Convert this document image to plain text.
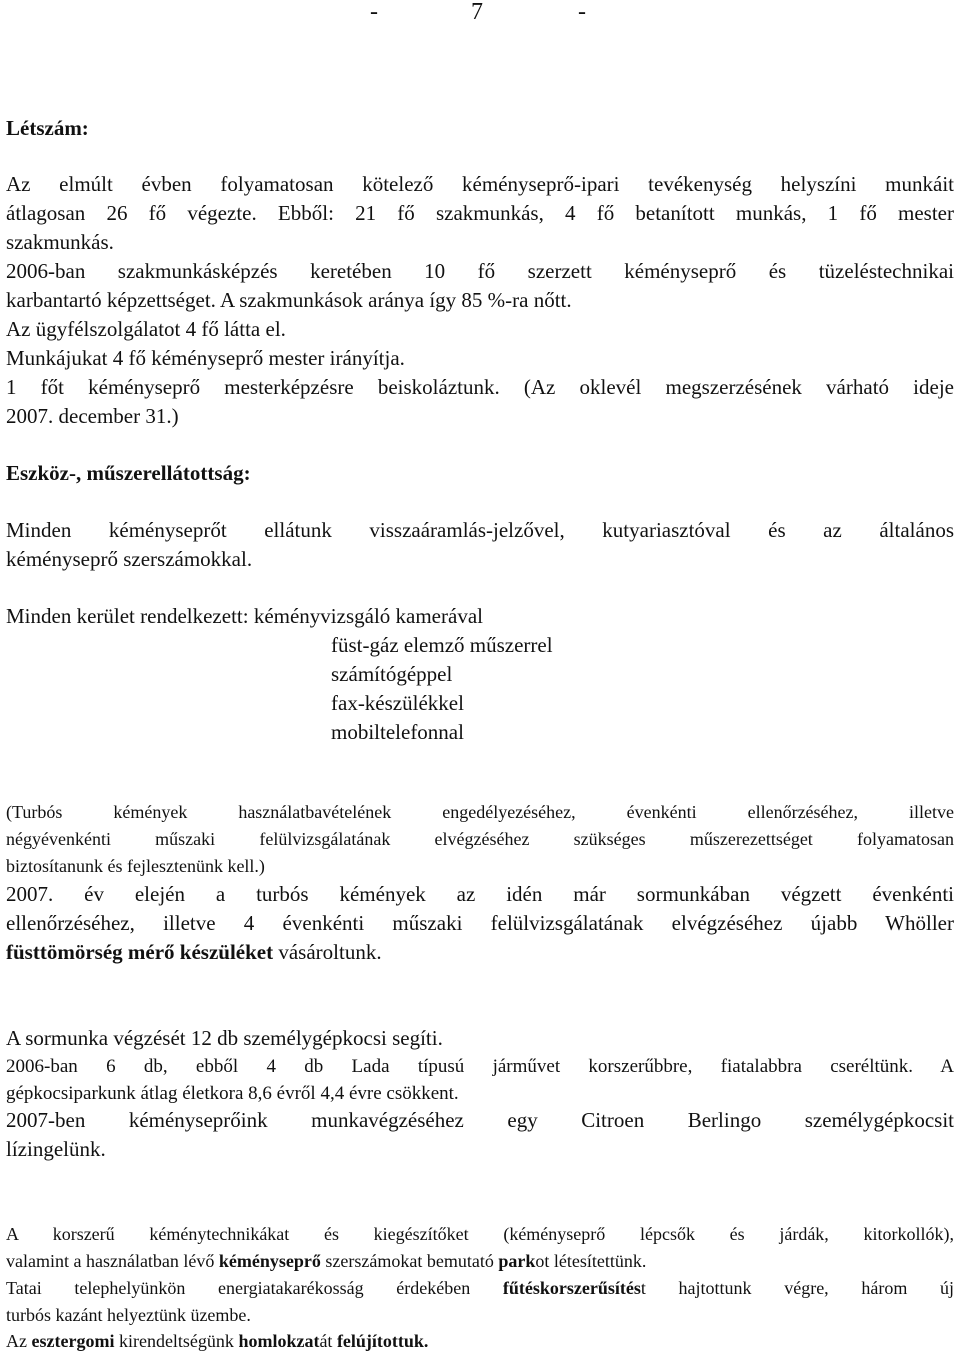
-	7	-
Létszám:
Az elmúlt évben folyamatosan kötelező kéményseprő-ipari tevékenység helyszíni munkáit
átlagosan 26 fő végezte. Ebből: 21 fő szakmunkás, 4 fő betanított munkás, 1 fő mester
szakmunkás.
2006-ban szakmunkásképzés keretében 10 fő szerzett kéményseprő és tüzeléstechnikai
karbantartó képzettséget. A szakmunkások aránya így 85 %-ra nőtt.
Az ügyfélszolgálatot 4 fő látta el.
Munkájukat 4 fő kéményseprő mester irányítja.
1 főt kéményseprő mesterképzésre beiskoláztunk. (Az oklevél megszerzésének várható ideje
2007. december 31.)
Eszköz-, műszerellátottság:
Minden kéményseprőt ellátunk visszaáramlás-jelzővel, kutyariasztóval és az általános
kéményseprő szerszámokkal.
Minden kerület rendelkezett: kéményvizsgáló kamerával
füst-gáz elemző műszerrel
számítógéppel
fax-készülékkel
mobiltelefonnal
(Turbós kémények használatbavételének engedélyezéséhez, évenkénti ellenőrzéséhez, illetve
négyévenkénti műszaki felülvizsgálatának elvégzéséhez szükséges műszerezettséget folyamatosan
biztosítanunk és fejlesztenünk kell.)
2007. év elején a turbós kémények az idén már sormunkában végzett évenkénti
ellenőrzéséhez, illetve 4 évenkénti műszaki felülvizsgálatának elvégzéséhez újabb Whöller
füsttömörség mérő készüléket vásároltunk.
A sormunka végzését 12 db személygépkocsi segíti.
2006-ban 6 db, ebből 4 db Lada típusú járművet korszerűbbre, fiatalabbra cseréltünk. A
gépkocsiparkunk átlag életkora 8,6 évről 4,4 évre csökkent.
2007-ben kéményseprőink munkavégzéséhez egy Citroen Berlingo személygépkocsit
lízingelünk.
A korszerű kéménytechnikákat és kiegészítőket (kéményseprő lépcsők és járdák, kitorkollók),
valamint a használatban lévő kéményseprő szerszámokat bemutató parkot létesítettünk.
Tatai telephelyünkön energiatakarékosság érdekében fűtéskorszerűsítést hajtottunk végre, három új
turbós kazánt helyeztünk üzembe.
Az esztergomi kirendeltségünk homlokzatát felújítottuk.
